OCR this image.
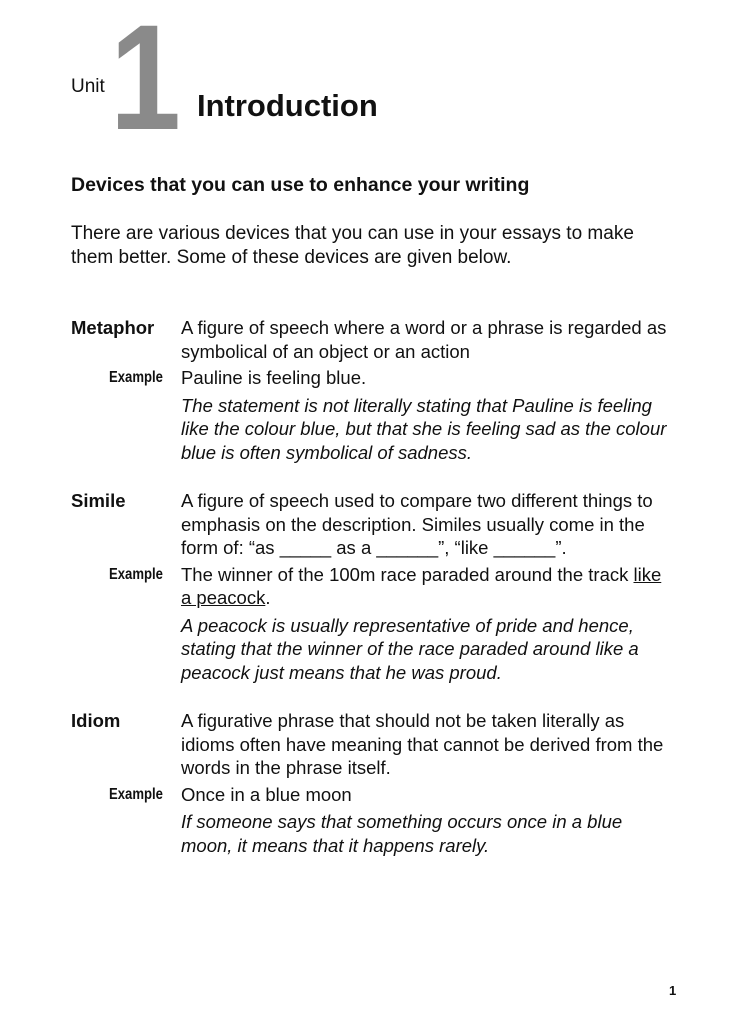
Unit 1 Introduction
Devices that you can use to enhance your writing
There are various devices that you can use in your essays to make them better. Some of these devices are given below.
Metaphor	A figure of speech where a word or a phrase is regarded as symbolical of an object or an action
Example Pauline is feeling blue.
The statement is not literally stating that Pauline is feeling like the colour blue, but that she is feeling sad as the colour blue is often symbolical of sadness.
Simile	A figure of speech used to compare two different things to emphasis on the description. Similes usually come in the form of: “as _____ as a ______”, “like ______”.
Example The winner of the 100m race paraded around the track like a peacock.
A peacock is usually representative of pride and hence, stating that the winner of the race paraded around like a peacock just means that he was proud.
Idiom	A figurative phrase that should not be taken literally as idioms often have meaning that cannot be derived from the words in the phrase itself.
Example Once in a blue moon
If someone says that something occurs once in a blue moon, it means that it happens rarely.
1
